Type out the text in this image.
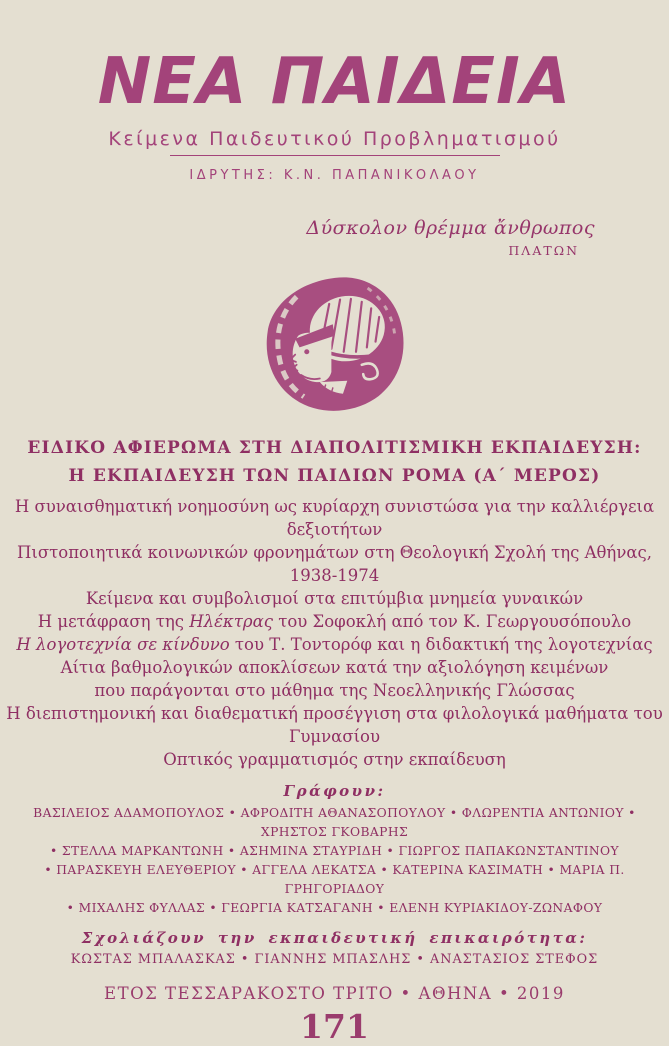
ΝΕΑ ΠΑΙΔΕΙΑ
Κείμενα Παιδευτικού Προβληματισμού
ΙΔΡΥΤΗΣ: Κ.Ν. ΠΑΠΑΝΙΚΟΛΑΟΥ
Δύσκολον θρέμμα ἄνθρωπος
ΠΛΑΤΩΝ
ΕΙΔΙΚΟ ΑΦΙΕΡΩΜΑ ΣΤΗ ΔΙΑΠΟΛΙΤΙΣΜΙΚΗ ΕΚΠΑΙΔΕΥΣΗ:
Η ΕΚΠΑΙΔΕΥΣΗ ΤΩΝ ΠΑΙΔΙΩΝ ΡΟΜΑ (Α΄ ΜΕΡΟΣ)
Η συναισθηματική νοημοσύνη ως κυρίαρχη συνιστώσα για την καλλιέργεια δεξιοτήτων
Πιστοποιητικά κοινωνικών φρονημάτων στη Θεολογική Σχολή της Αθήνας, 1938-1974
Κείμενα και συμβολισμοί στα επιτύμβια μνημεία γυναικών
Η μετάφραση της Ηλέκτρας του Σοφοκλή από τον Κ. Γεωργουσόπουλο
Η λογοτεχνία σε κίνδυνο του Τ. Τοντορόφ και η διδακτική της λογοτεχνίας
Αίτια βαθμολογικών αποκλίσεων κατά την αξιολόγηση κειμένων
που παράγονται στο μάθημα της Νεοελληνικής Γλώσσας
Η διεπιστημονική και διαθεματική προσέγγιση στα φιλολογικά μαθήματα του Γυμνασίου
Οπτικός γραμματισμός στην εκπαίδευση
Γράφουν:
ΒΑΣΙΛΕΙΟΣ ΑΔΑΜΟΠΟΥΛΟΣ • ΑΦΡΟΔΙΤΗ ΑΘΑΝΑΣΟΠΟΥΛΟΥ • ΦΛΩΡΕΝΤΙΑ ΑΝΤΩΝΙΟΥ • ΧΡΗΣΤΟΣ ΓΚΟΒΑΡΗΣ
• ΣΤΕΛΛΑ ΜΑΡΚΑΝΤΩΝΗ • ΑΣΗΜΙΝΑ ΣΤΑΥΡΙΔΗ • ΓΙΩΡΓΟΣ ΠΑΠΑΚΩΝΣΤΑΝΤΙΝΟΥ
• ΠΑΡΑΣΚΕΥΗ ΕΛΕΥΘΕΡΙΟΥ • ΑΓΓΕΛΑ ΛΕΚΑΤΣΑ • ΚΑΤΕΡΙΝΑ ΚΑΣΙΜΑΤΗ • ΜΑΡΙΑ Π. ΓΡΗΓΟΡΙΑΔΟΥ
• ΜΙΧΑΛΗΣ ΦΥΛΛΑΣ • ΓΕΩΡΓΙΑ ΚΑΤΣΑΓΑΝΗ • ΕΛΕΝΗ ΚΥΡΙΑΚΙΔΟΥ-ΖΩΝΑΦΟΥ
Σχολιάζουν την εκπαιδευτική επικαιρότητα:
ΚΩΣΤΑΣ ΜΠΑΛΑΣΚΑΣ • ΓΙΑΝΝΗΣ ΜΠΑΣΛΗΣ • ΑΝΑΣΤΑΣΙΟΣ ΣΤΕΦΟΣ
ΕΤΟΣ ΤΕΣΣΑΡΑΚΟΣΤΟ ΤΡΙΤΟ • ΑΘΗΝΑ • 2019
171
